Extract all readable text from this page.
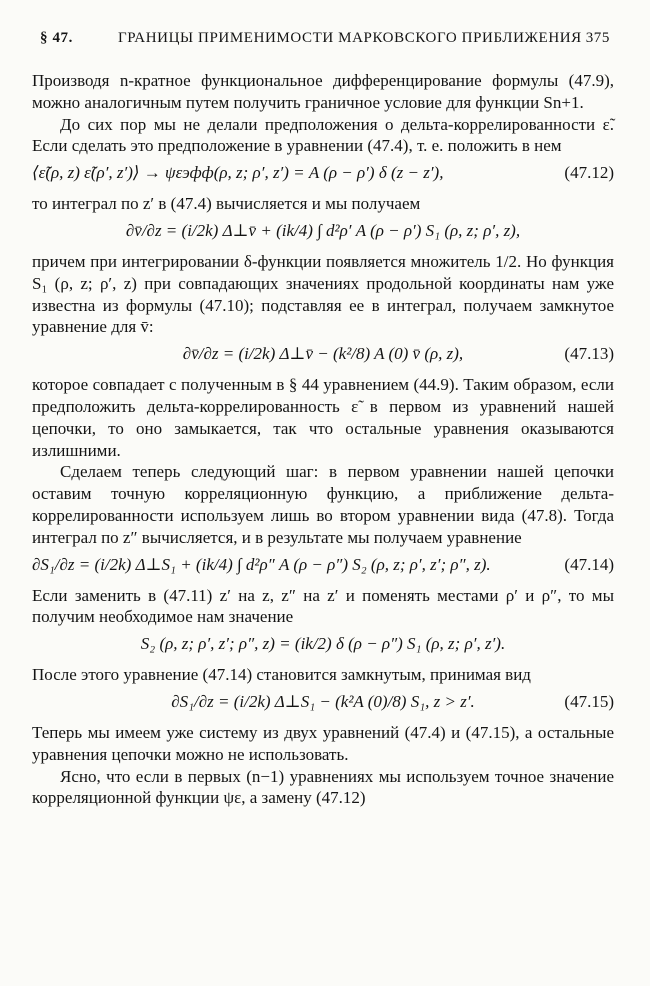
§ 47.	ГРАНИЦЫ ПРИМЕНИМОСТИ МАРКОВСКОГО ПРИБЛИЖЕНИЯ 375

Производя n-кратное функциональное дифференцирование формулы (47.9), можно аналогичным путем получить граничное условие для функции Sn+1.

До сих пор мы не делали предположения о дельта-коррелированности ε̃. Если сделать это предположение в уравнении (47.4), т. е. положить в нем

⟨ε̃(ρ, z) ε̃(ρ′, z′)⟩ → ψεэфф(ρ, z; ρ′, z′) = A (ρ − ρ′) δ (z − z′),	(47.12)

то интеграл по z′ в (47.4) вычисляется и мы получаем

∂v̄/∂z = (i/2k) Δ⊥v̄ + (ik/4) ∫ d²ρ′ A (ρ − ρ′) S₁ (ρ, z; ρ′, z),

причем при интегрировании δ-функции появляется множитель 1/2. Но функция S₁ (ρ, z; ρ′, z) при совпадающих значениях продольной координаты нам уже известна из формулы (47.10); подставляя ее в интеграл, получаем замкнутое уравнение для v̄:

∂v̄/∂z = (i/2k) Δ⊥v̄ − (k²/8) A (0) v̄ (ρ, z),	(47.13)

которое совпадает с полученным в § 44 уравнением (44.9). Таким образом, если предположить дельта-коррелированность ε̃ в первом из уравнений нашей цепочки, то оно замыкается, так что остальные уравнения оказываются излишними.

Сделаем теперь следующий шаг: в первом уравнении нашей цепочки оставим точную корреляционную функцию, а приближение дельта-коррелированности используем лишь во втором уравнении вида (47.8). Тогда интеграл по z″ вычисляется, и в результате мы получаем уравнение

∂S₁/∂z = (i/2k) Δ⊥S₁ + (ik/4) ∫ d²ρ″ A (ρ − ρ″) S₂ (ρ, z; ρ′, z′; ρ″, z).	(47.14)

Если заменить в (47.11) z′ на z, z″ на z′ и поменять местами ρ′ и ρ″, то мы получим необходимое нам значение

S₂ (ρ, z; ρ′, z′; ρ″, z) = (ik/2) δ (ρ − ρ″) S₁ (ρ, z; ρ′, z′).

После этого уравнение (47.14) становится замкнутым, принимая вид

∂S₁/∂z = (i/2k) Δ⊥S₁ − (k²A (0)/8) S₁, z > z′.	(47.15)

Теперь мы имеем уже систему из двух уравнений (47.4) и (47.15), а остальные уравнения цепочки можно не использовать.

Ясно, что если в первых (n−1) уравнениях мы используем точное значение корреляционной функции ψε, а замену (47.12)
